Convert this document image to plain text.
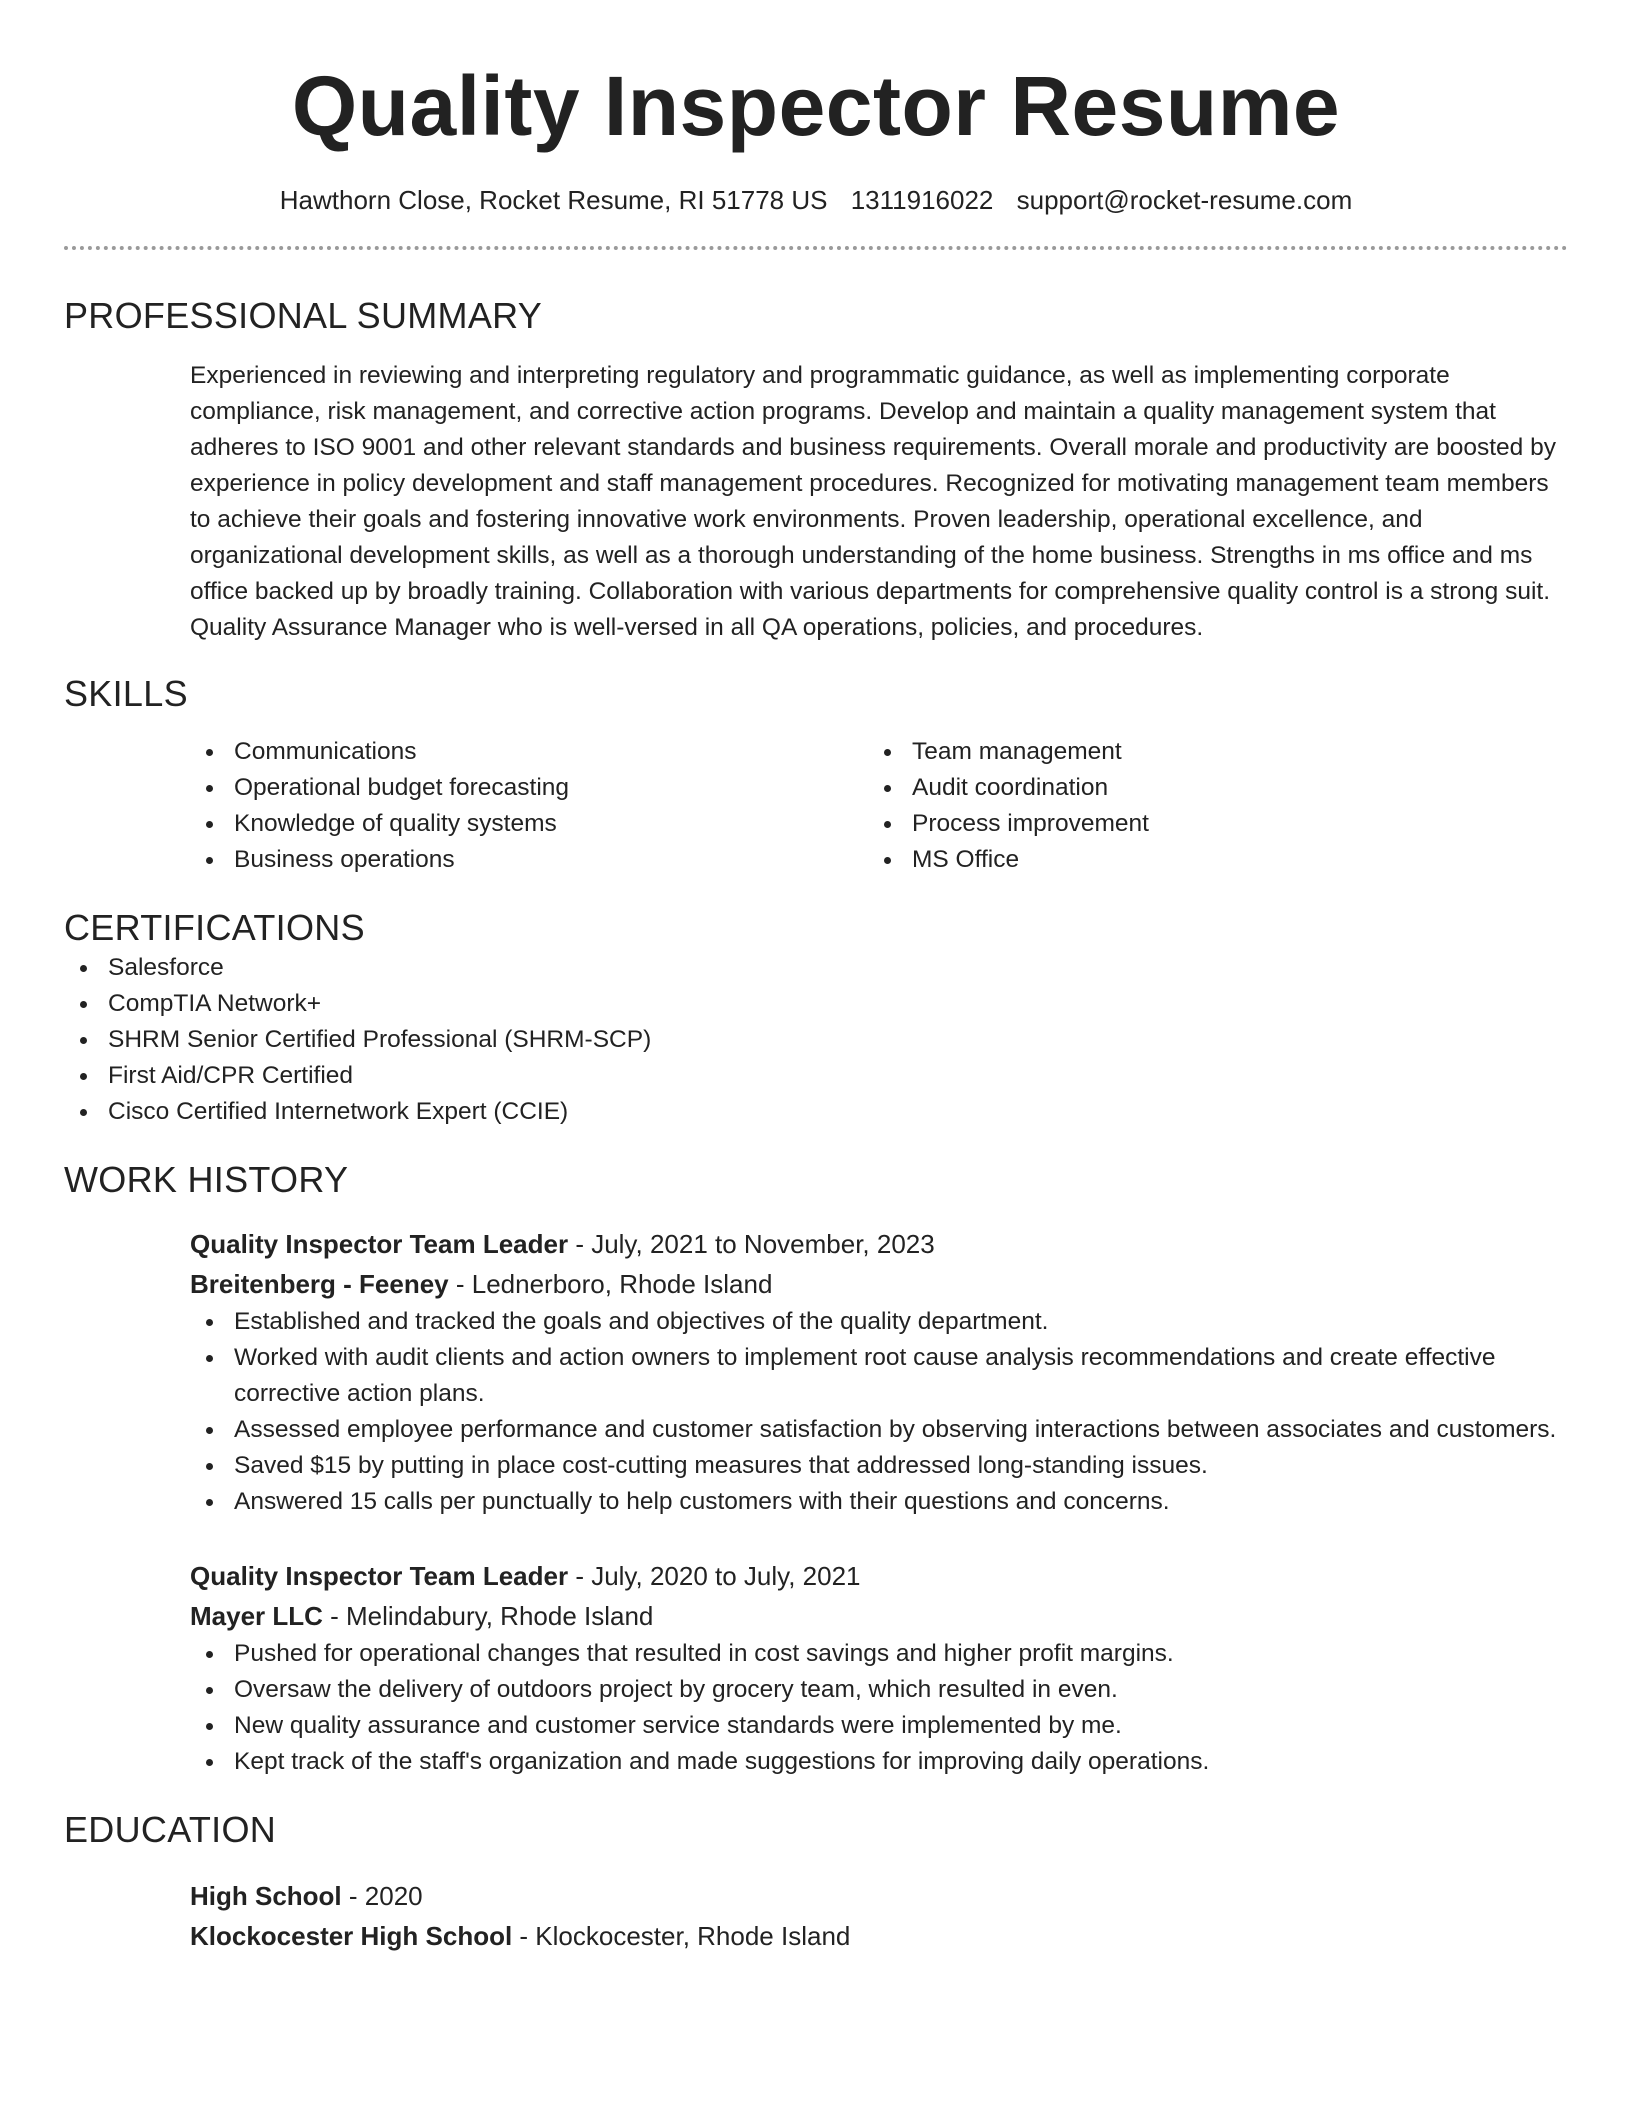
Quality Inspector Resume
Hawthorn Close, Rocket Resume, RI 51778 US 1311916022 support@rocket-resume.com
PROFESSIONAL SUMMARY

Experienced in reviewing and interpreting regulatory and programmatic guidance, as well as implementing corporate compliance, risk management, and corrective action programs. Develop and maintain a quality management system that adheres to ISO 9001 and other relevant standards and business requirements. Overall morale and productivity are boosted by experience in policy development and staff management procedures. Recognized for motivating management team members to achieve their goals and fostering innovative work environments. Proven leadership, operational excellence, and organizational development skills, as well as a thorough understanding of the home business. Strengths in ms office and ms office backed up by broadly training. Collaboration with various departments for comprehensive quality control is a strong suit. Quality Assurance Manager who is well-versed in all QA operations, policies, and procedures.

SKILLS
Communications
Operational budget forecasting
Knowledge of quality systems
Business operations
Team management
Audit coordination
Process improvement
MS Office
CERTIFICATIONS
Salesforce
CompTIA Network+
SHRM Senior Certified Professional (SHRM-SCP)
First Aid/CPR Certified
Cisco Certified Internetwork Expert (CCIE)
WORK HISTORY
Quality Inspector Team Leader - July, 2021 to November, 2023
Breitenberg - Feeney - Lednerboro, Rhode Island
Established and tracked the goals and objectives of the quality department.
Worked with audit clients and action owners to implement root cause analysis recommendations and create effective corrective action plans.
Assessed employee performance and customer satisfaction by observing interactions between associates and customers.
Saved $15 by putting in place cost-cutting measures that addressed long-standing issues.
Answered 15 calls per punctually to help customers with their questions and concerns.
Quality Inspector Team Leader - July, 2020 to July, 2021
Mayer LLC - Melindabury, Rhode Island
Pushed for operational changes that resulted in cost savings and higher profit margins.
Oversaw the delivery of outdoors project by grocery team, which resulted in even.
New quality assurance and customer service standards were implemented by me.
Kept track of the staff's organization and made suggestions for improving daily operations.
EDUCATION
High School - 2020
Klockocester High School - Klockocester, Rhode Island
